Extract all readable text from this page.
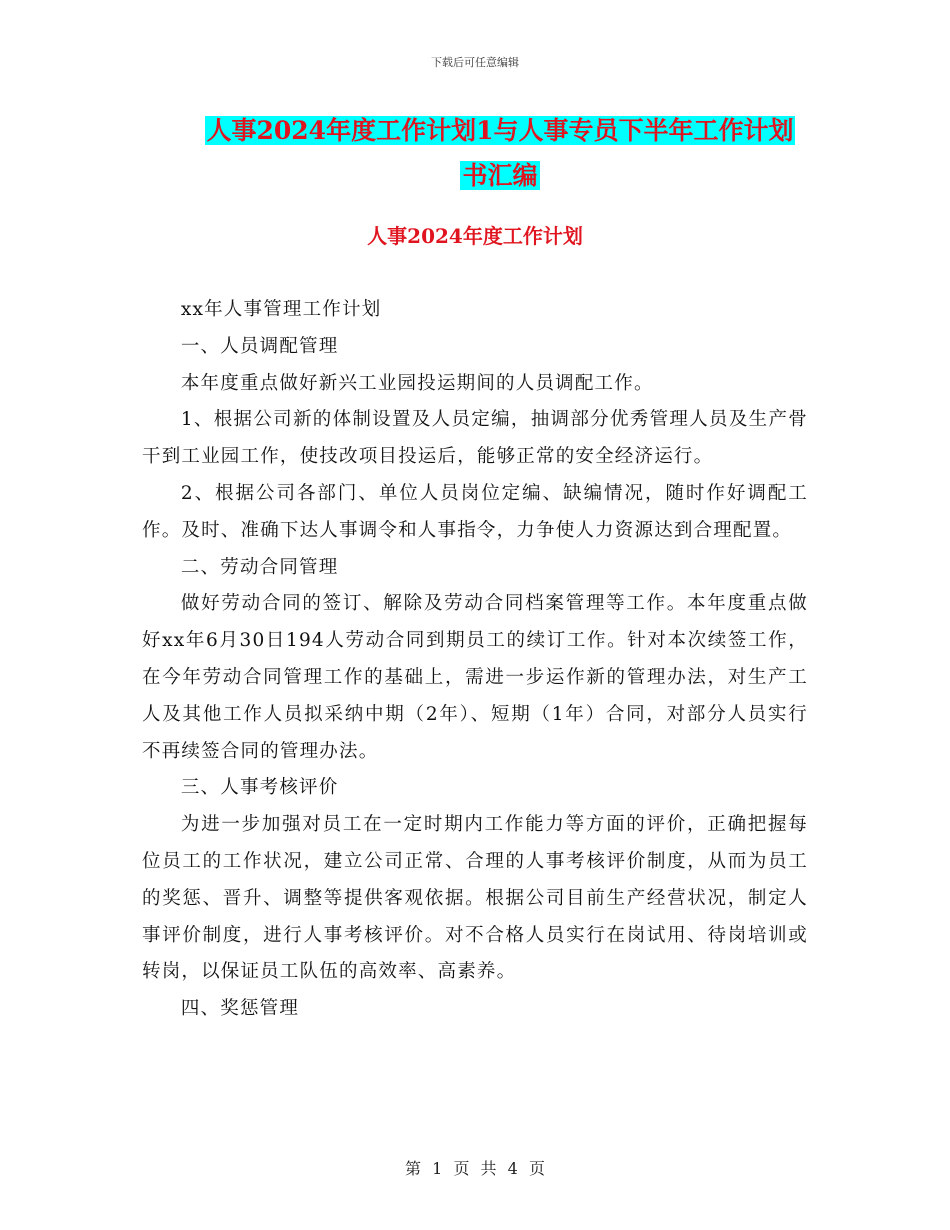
下载后可任意编辑
人事2024年度工作计划1与人事专员下半年工作计划
书汇编
人事2024年度工作计划

xx年人事管理工作计划

一、人员调配管理

本年度重点做好新兴工业园投运期间的人员调配工作。

1、根据公司新的体制设置及人员定编，抽调部分优秀管理人员及生产骨干到工业园工作，使技改项目投运后，能够正常的安全经济运行。

2、根据公司各部门、单位人员岗位定编、缺编情况，随时作好调配工作。及时、准确下达人事调令和人事指令，力争使人力资源达到合理配置。

二、劳动合同管理

做好劳动合同的签订、解除及劳动合同档案管理等工作。本年度重点做好xx年6月30日194人劳动合同到期员工的续订工作。针对本次续签工作，在今年劳动合同管理工作的基础上，需进一步运作新的管理办法，对生产工人及其他工作人员拟采纳中期（2年）、短期（1年）合同，对部分人员实行不再续签合同的管理办法。

三、人事考核评价

为进一步加强对员工在一定时期内工作能力等方面的评价，正确把握每位员工的工作状况，建立公司正常、合理的人事考核评价制度，从而为员工的奖惩、晋升、调整等提供客观依据。根据公司目前生产经营状况，制定人事评价制度，进行人事考核评价。对不合格人员实行在岗试用、待岗培训或转岗，以保证员工队伍的高效率、高素养。

四、奖惩管理

第 1 页 共 4 页
